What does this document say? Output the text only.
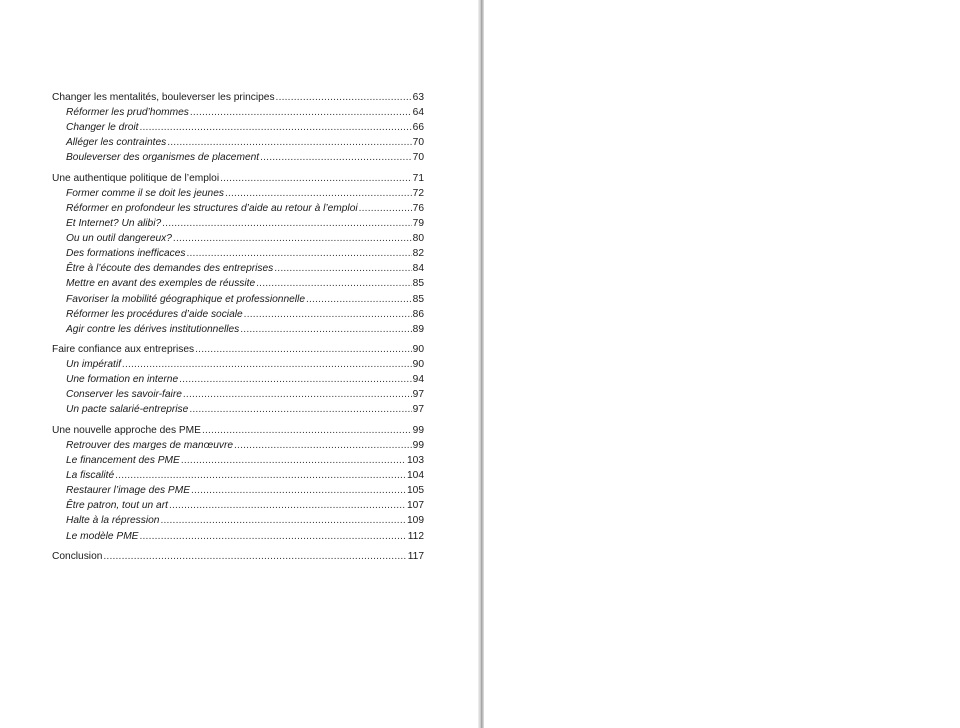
Changer les mentalités, bouleverser les principes .....	63
Réformer les prud’hommes .....	64
Changer le droit .....	66
Alléger les contraintes .....	70
Bouleverser des organismes de placement .....	70
Une authentique politique de l’emploi .....	71
Former comme il se doit les jeunes .....	72
Réformer en profondeur les structures d’aide au retour à l’emploi .....	76
Et Internet? Un alibi? .....	79
Ou un outil dangereux? .....	80
Des formations inefficaces .....	82
Être à l’écoute des demandes des entreprises .....	84
Mettre en avant des exemples de réussite .....	85
Favoriser la mobilité géographique et professionnelle .....	85
Réformer les procédures d’aide sociale .....	86
Agir contre les dérives institutionnelles .....	89
Faire confiance aux entreprises .....	90
Un impératif .....	90
Une formation en interne .....	94
Conserver les savoir-faire .....	97
Un pacte salarié-entreprise .....	97
Une nouvelle approche des PME .....	99
Retrouver des marges de manœuvre .....	99
Le financement des PME .....	103
La fiscalité .....	104
Restaurer l’image des PME .....	105
Être patron, tout un art .....	107
Halte à la répression .....	109
Le modèle PME .....	112
Conclusion .....	117
